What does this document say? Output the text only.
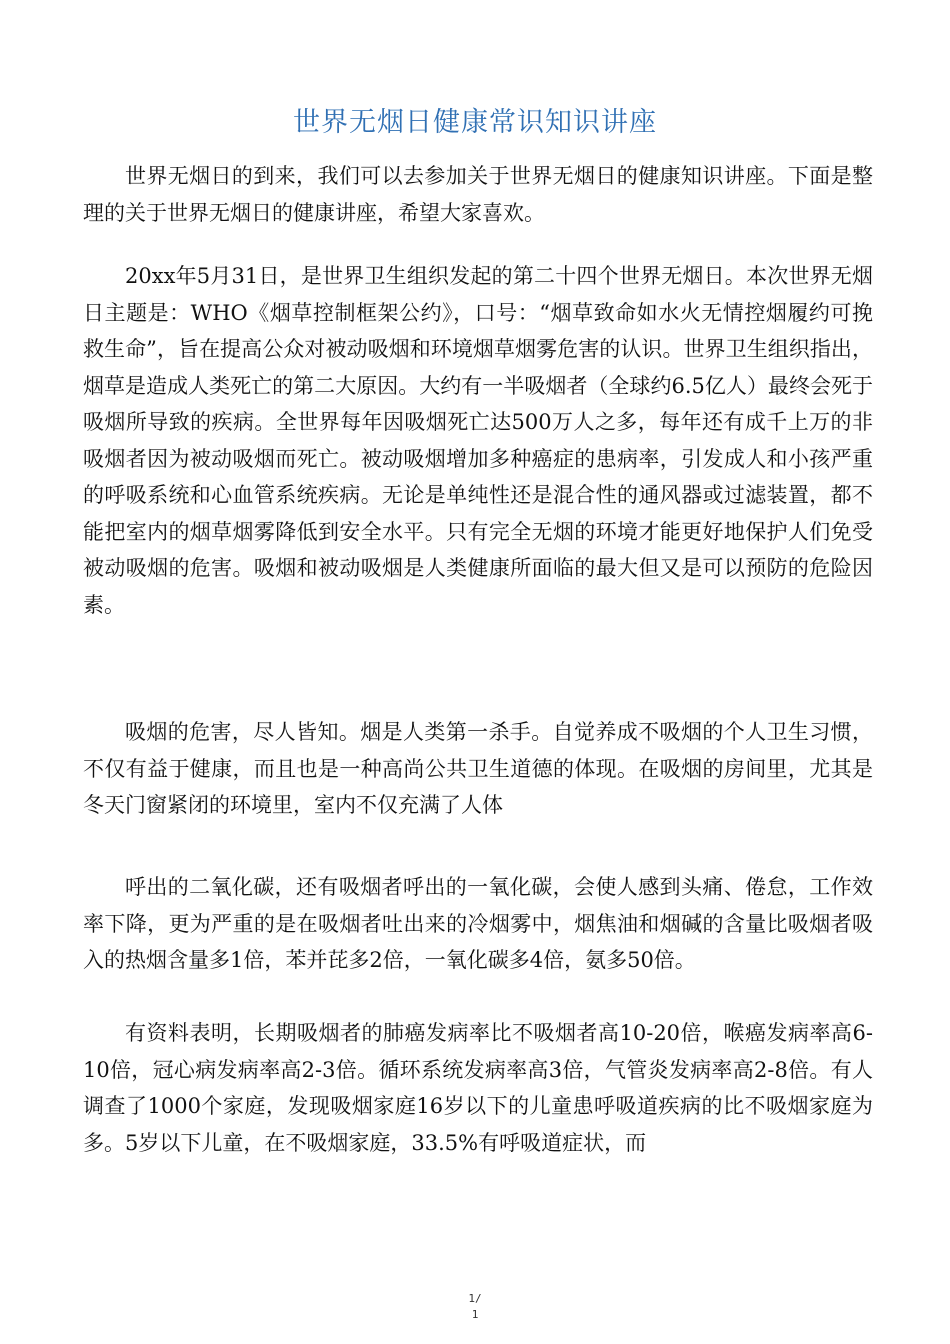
世界无烟日健康常识知识讲座

世界无烟日的到来，我们可以去参加关于世界无烟日的健康知识讲座。下面是整理的关于世界无烟日的健康讲座，希望大家喜欢。

20xx年5月31日，是世界卫生组织发起的第二十四个世界无烟日。本次世界无烟日主题是：WHO《烟草控制框架公约》，口号：“烟草致命如水火无情控烟履约可挽救生命”，旨在提高公众对被动吸烟和环境烟草烟雾危害的认识。世界卫生组织指出，烟草是造成人类死亡的第二大原因。大约有一半吸烟者（全球约6.5亿人）最终会死于吸烟所导致的疾病。全世界每年因吸烟死亡达500万人之多，每年还有成千上万的非吸烟者因为被动吸烟而死亡。被动吸烟增加多种癌症的患病率，引发成人和小孩严重的呼吸系统和心血管系统疾病。无论是单纯性还是混合性的通风器或过滤装置，都不能把室内的烟草烟雾降低到安全水平。只有完全无烟的环境才能更好地保护人们免受被动吸烟的危害。吸烟和被动吸烟是人类健康所面临的最大但又是可以预防的危险因素。

吸烟的危害，尽人皆知。烟是人类第一杀手。自觉养成不吸烟的个人卫生习惯，不仅有益于健康，而且也是一种高尚公共卫生道德的体现。在吸烟的房间里，尤其是冬天门窗紧闭的环境里，室内不仅充满了人体

呼出的二氧化碳，还有吸烟者呼出的一氧化碳，会使人感到头痛、倦怠，工作效率下降，更为严重的是在吸烟者吐出来的冷烟雾中，烟焦油和烟碱的含量比吸烟者吸入的热烟含量多1倍，苯并芘多2倍，一氧化碳多4倍，氨多50倍。

有资料表明，长期吸烟者的肺癌发病率比不吸烟者高10-20倍，喉癌发病率高6-10倍，冠心病发病率高2-3倍。循环系统发病率高3倍，气管炎发病率高2-8倍。有人调查了1000个家庭，发现吸烟家庭16岁以下的儿童患呼吸道疾病的比不吸烟家庭为多。5岁以下儿童，在不吸烟家庭，33.5%有呼吸道症状，而

1/
1
